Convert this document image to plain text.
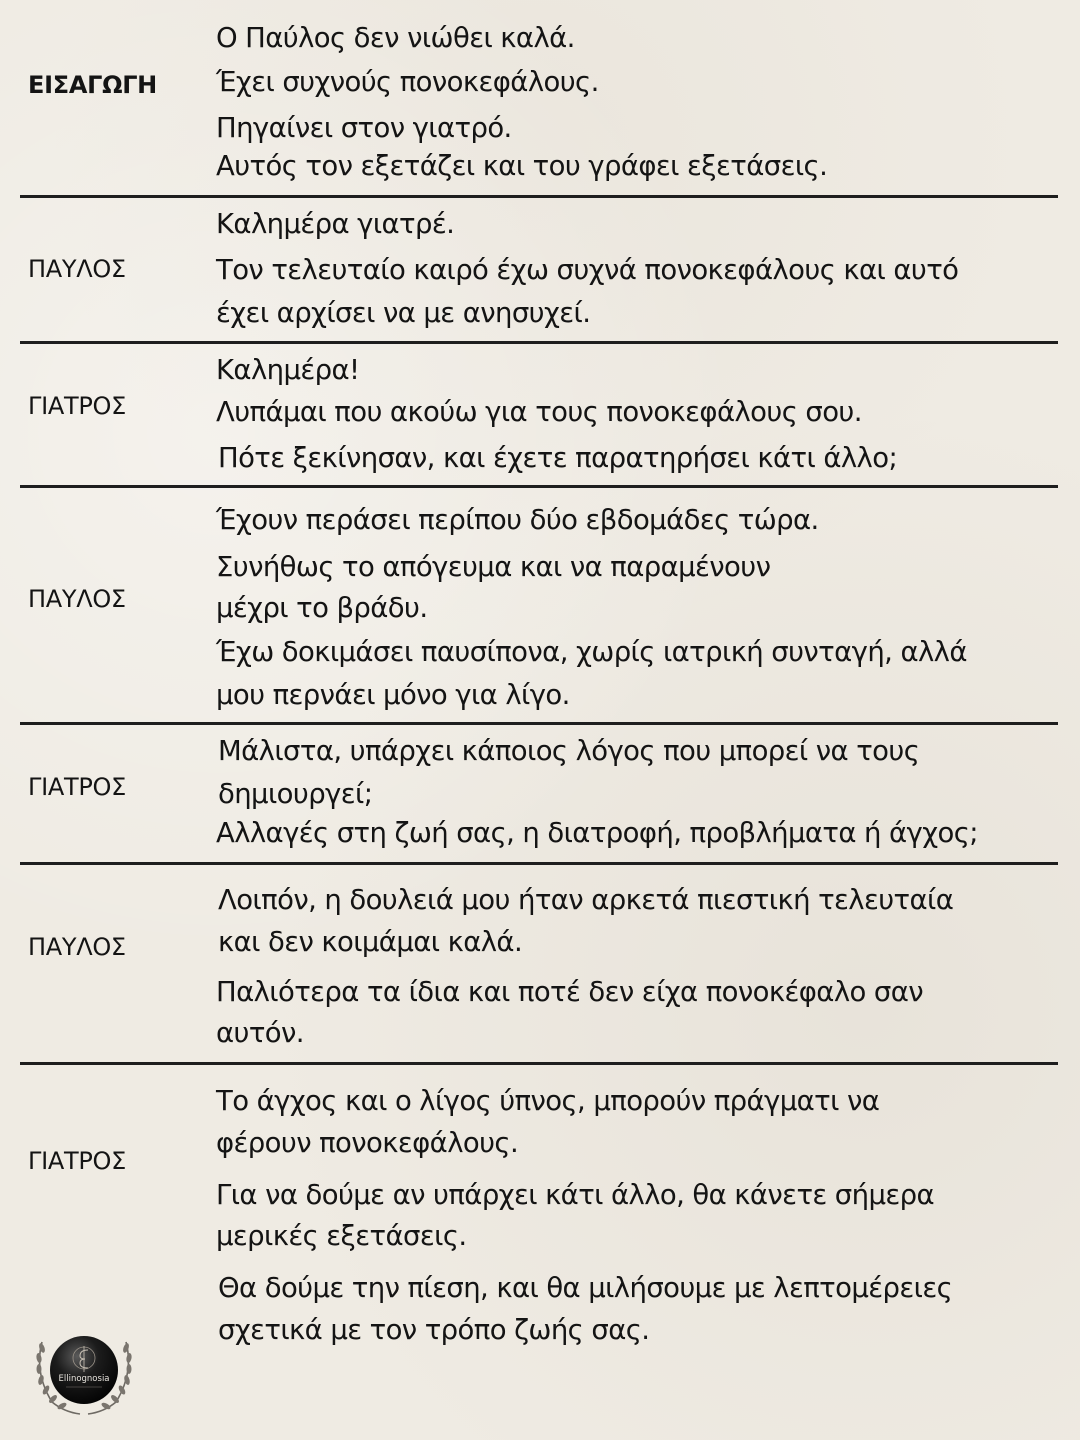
ΕΙΣΑΓΩΓΗ
Ο Παύλος δεν νιώθει καλά.
Έχει συχνούς πονοκεφάλους.
Πηγαίνει στον γιατρό.
Αυτός τον εξετάζει και του γράφει εξετάσεις.
ΠΑΥΛΟΣ
Καλημέρα γιατρέ.
Τον τελευταίο καιρό έχω συχνά πονοκεφάλους και αυτό
έχει αρχίσει να με ανησυχεί.
ΓΙΑΤΡΟΣ
Καλημέρα!
Λυπάμαι που ακούω για τους πονοκεφάλους σου.
Πότε ξεκίνησαν, και έχετε παρατηρήσει κάτι άλλο;
ΠΑΥΛΟΣ
Έχουν περάσει περίπου δύο εβδομάδες τώρα.
Συνήθως το απόγευμα και να παραμένουν
μέχρι το βράδυ.
Έχω δοκιμάσει παυσίπονα, χωρίς ιατρική συνταγή, αλλά
μου περνάει μόνο για λίγο.
ΓΙΑΤΡΟΣ
Μάλιστα, υπάρχει κάποιος λόγος που μπορεί να τους
δημιουργεί;
Αλλαγές στη ζωή σας, η διατροφή, προβλήματα ή άγχος;
ΠΑΥΛΟΣ
Λοιπόν, η δουλειά μου ήταν αρκετά πιεστική τελευταία
και δεν κοιμάμαι καλά.
Παλιότερα τα ίδια και ποτέ δεν είχα πονοκέφαλο σαν
αυτόν.
ΓΙΑΤΡΟΣ
Το άγχος και ο λίγος ύπνος, μπορούν πράγματι να
φέρουν πονοκεφάλους.
Για να δούμε αν υπάρχει κάτι άλλο, θα κάνετε σήμερα
μερικές εξετάσεις.
Θα δούμε την πίεση, και θα μιλήσουμε με λεπτομέρειες
σχετικά με τον τρόπο ζωής σας.
Ellinognosia
